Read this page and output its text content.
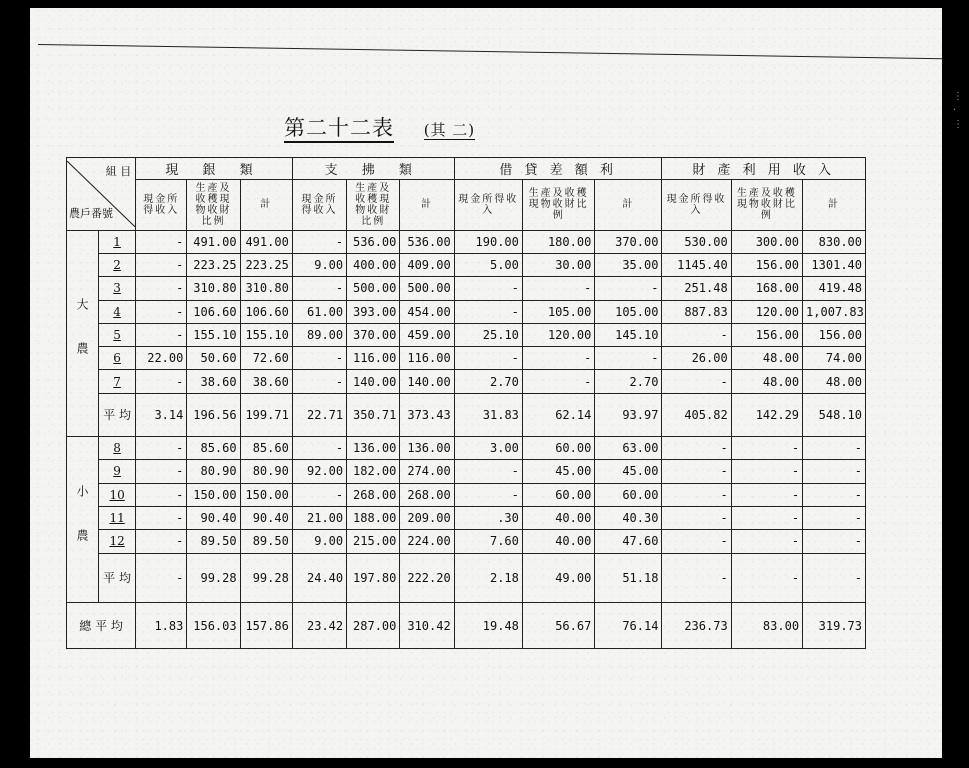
第二十二表 (其 二)
組 目
農戶番號		現 銀 類			支 拂 類			借 貸 差 額 利			財 產 利 用 收 入		
		現金所得收入	生產及收穫現物收財比例	計	現金所得收入	生產及收穫現物收財比例	計	現金所得收入	生產及收穫現物收財比例	計	現金所得收入	生產及收穫現物收財比例	計
大 農	1	-	491.00	491.00	-	536.00	536.00	190.00	180.00	370.00	530.00	300.00	830.00
	2	-	223.25	223.25	9.00	400.00	409.00	5.00	30.00	35.00	1145.40	156.00	1301.40
	3	-	310.80	310.80	-	500.00	500.00	-	-	-	251.48	168.00	419.48
	4	-	106.60	106.60	61.00	393.00	454.00	-	105.00	105.00	887.83	120.00	1,007.83
	5	-	155.10	155.10	89.00	370.00	459.00	25.10	120.00	145.10	-	156.00	156.00
	6	22.00	50.60	72.60	-	116.00	116.00	-	-	-	26.00	48.00	74.00
	7	-	38.60	38.60	-	140.00	140.00	2.70	-	2.70	-	48.00	48.00
	平 均	3.14	196.56	199.71	22.71	350.71	373.43	31.83	62.14	93.97	405.82	142.29	548.10
小 農	8	-	85.60	85.60	-	136.00	136.00	3.00	60.00	63.00	-	-	-
	9	-	80.90	80.90	92.00	182.00	274.00	-	45.00	45.00	-	-	-
	10	-	150.00	150.00	-	268.00	268.00	-	60.00	60.00	-	-	-
	11	-	90.40	90.40	21.00	188.00	209.00	.30	40.00	40.30	-	-	-
	12	-	89.50	89.50	9.00	215.00	224.00	7.60	40.00	47.60	-	-	-
	平 均	-	99.28	99.28	24.40	197.80	222.20	2.18	49.00	51.18	-	-	-
總 平 均		1.83	156.03	157.86	23.42	287.00	310.42	19.48	56.67	76.14	236.73	83.00	319.73
⋮
·
⋮
